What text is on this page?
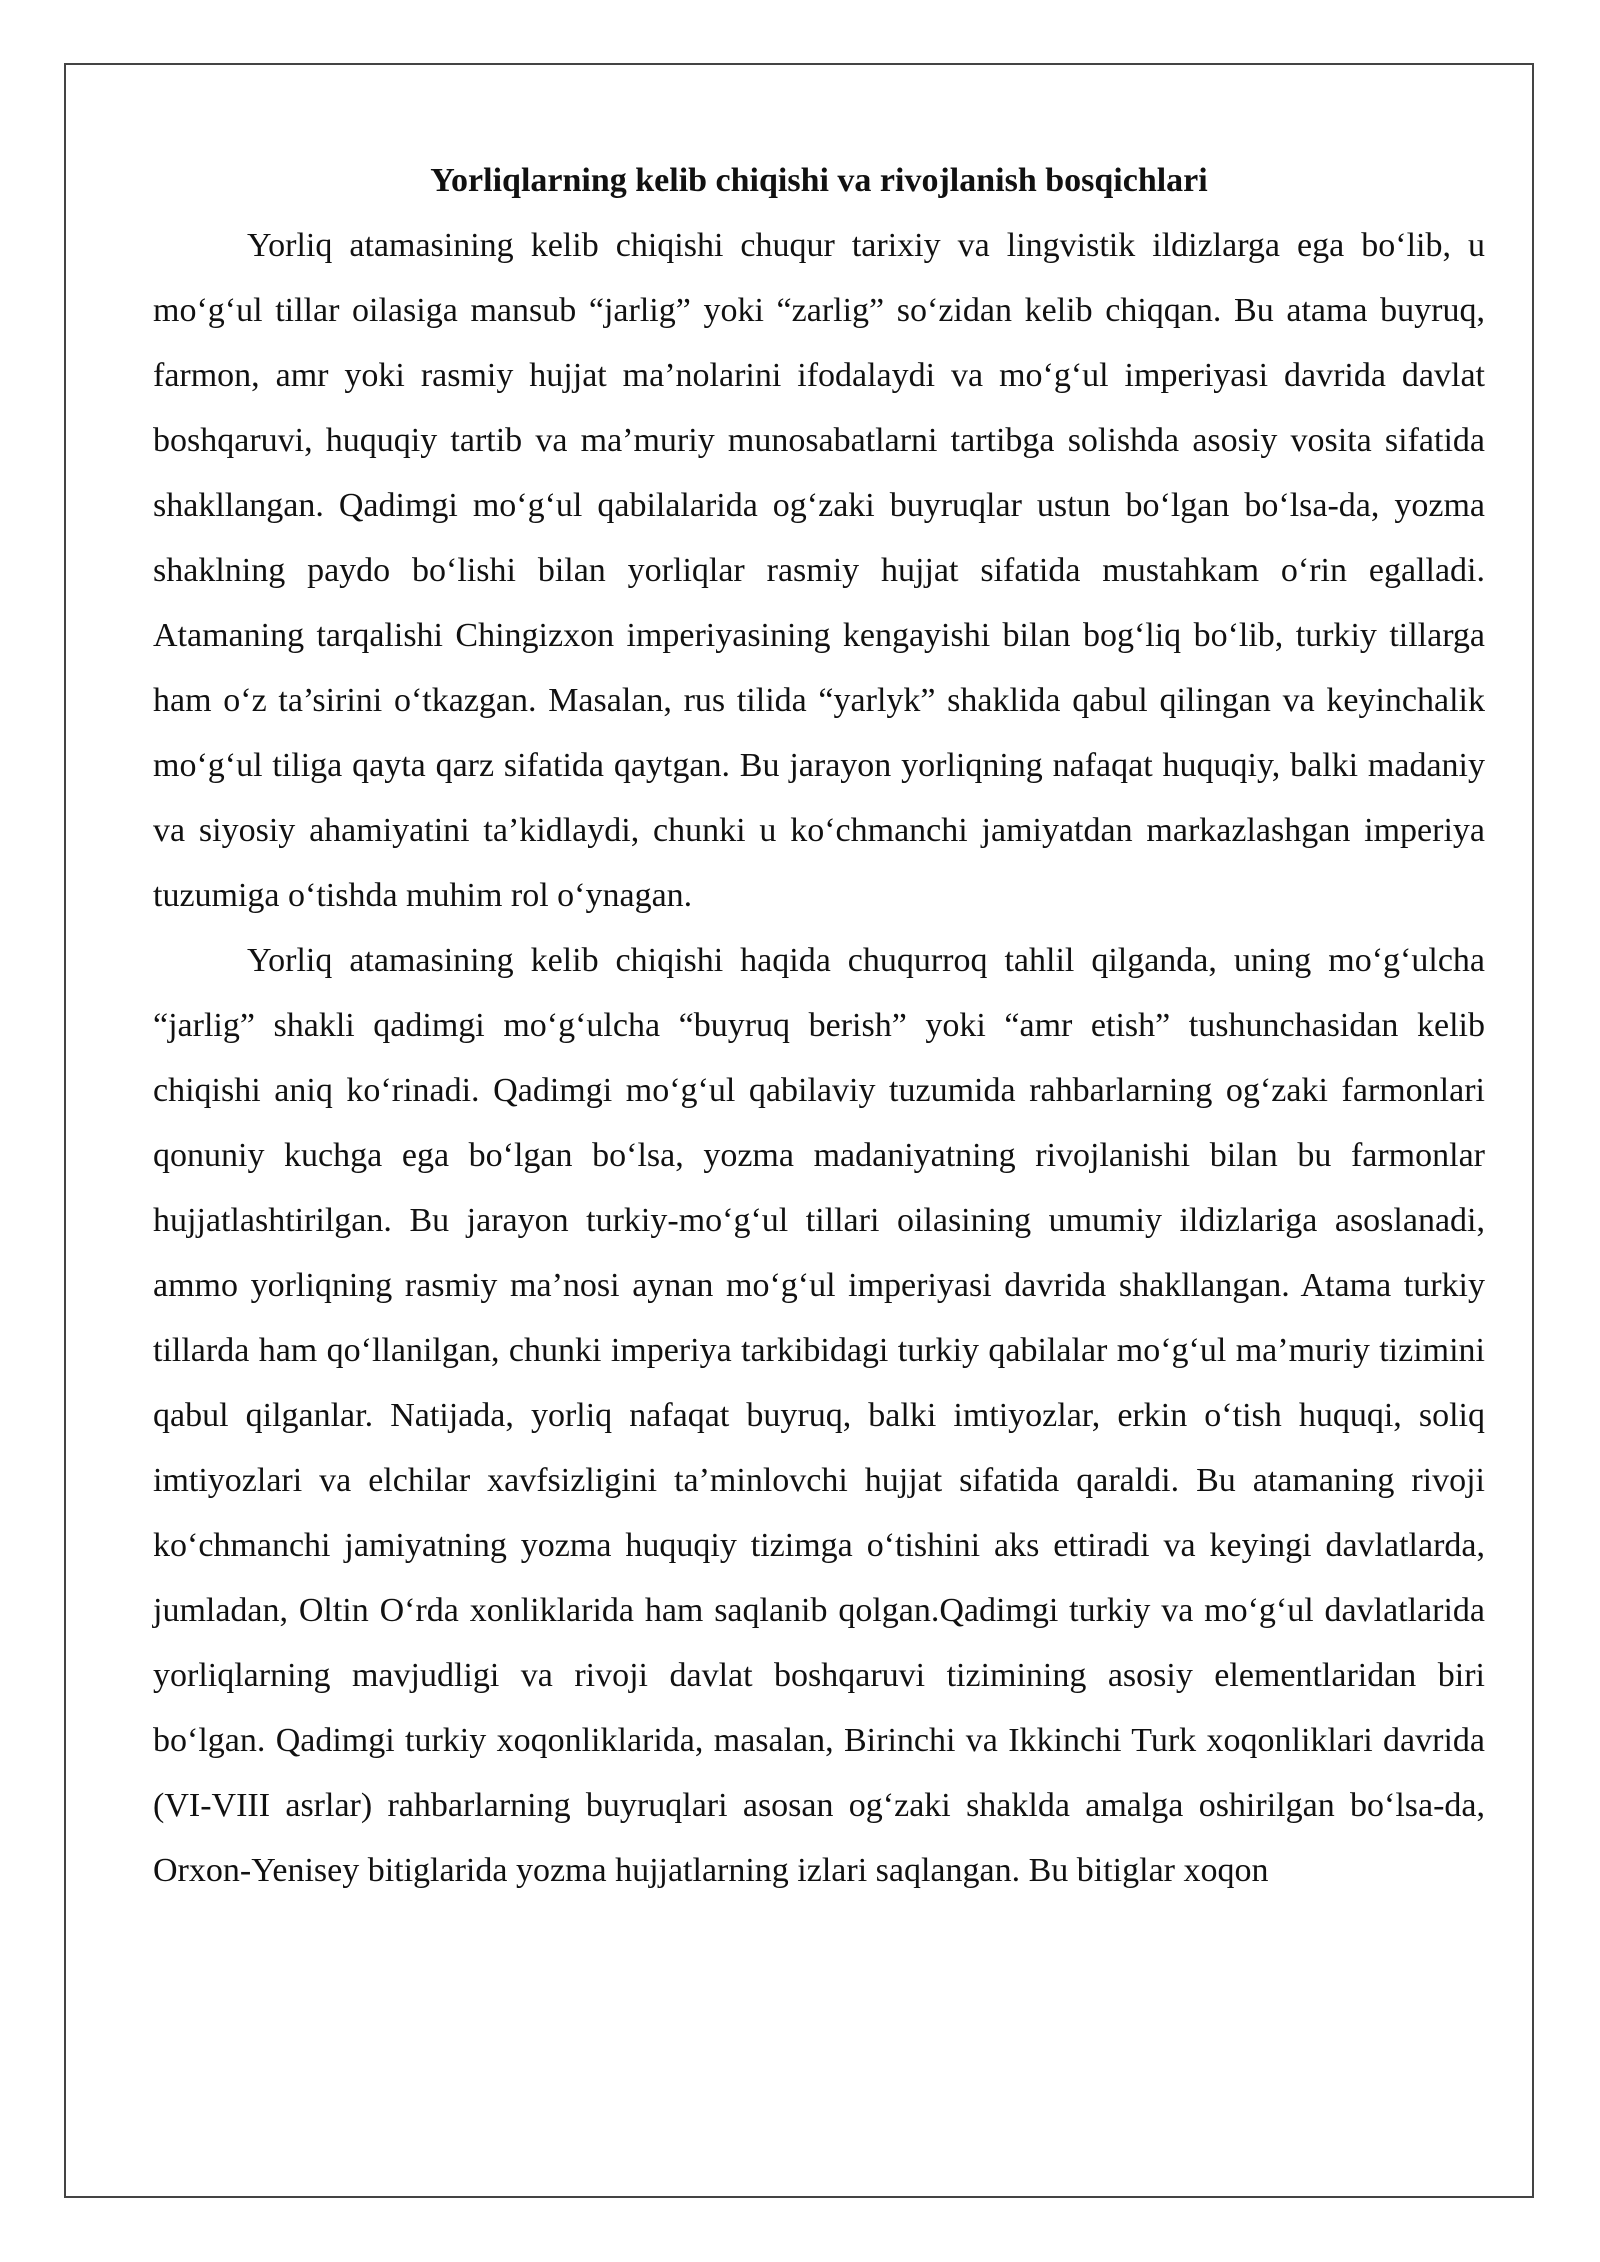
Yorliqlarning kelib chiqishi va rivojlanish bosqichlari

Yorliq atamasining kelib chiqishi chuqur tarixiy va lingvistik ildizlarga ega bo‘lib, u mo‘g‘ul tillar oilasiga mansub “jarlig” yoki “zarlig” so‘zidan kelib chiqqan. Bu atama buyruq, farmon, amr yoki rasmiy hujjat ma’nolarini ifodalaydi va mo‘g‘ul imperiyasi davrida davlat boshqaruvi, huquqiy tartib va ma’muriy munosabatlarni tartibga solishda asosiy vosita sifatida shakllangan. Qadimgi mo‘g‘ul qabilalarida og‘zaki buyruqlar ustun bo‘lgan bo‘lsa-da, yozma shaklning paydo bo‘lishi bilan yorliqlar rasmiy hujjat sifatida mustahkam o‘rin egalladi. Atamaning tarqalishi Chingizxon imperiyasining kengayishi bilan bog‘liq bo‘lib, turkiy tillarga ham o‘z ta’sirini o‘tkazgan. Masalan, rus tilida “yarlyk” shaklida qabul qilingan va keyinchalik mo‘g‘ul tiliga qayta qarz sifatida qaytgan. Bu jarayon yorliqning nafaqat huquqiy, balki madaniy va siyosiy ahamiyatini ta’kidlaydi, chunki u ko‘chmanchi jamiyatdan markazlashgan imperiya tuzumiga o‘tishda muhim rol o‘ynagan.

Yorliq atamasining kelib chiqishi haqida chuqurroq tahlil qilganda, uning mo‘g‘ulcha “jarlig” shakli qadimgi mo‘g‘ulcha “buyruq berish” yoki “amr etish” tushunchasidan kelib chiqishi aniq ko‘rinadi. Qadimgi mo‘g‘ul qabilaviy tuzumida rahbarlarning og‘zaki farmonlari qonuniy kuchga ega bo‘lgan bo‘lsa, yozma madaniyatning rivojlanishi bilan bu farmonlar hujjatlashtirilgan. Bu jarayon turkiy-mo‘g‘ul tillari oilasining umumiy ildizlariga asoslanadi, ammo yorliqning rasmiy ma’nosi aynan mo‘g‘ul imperiyasi davrida shakllangan. Atama turkiy tillarda ham qo‘llanilgan, chunki imperiya tarkibidagi turkiy qabilalar mo‘g‘ul ma’muriy tizimini qabul qilganlar. Natijada, yorliq nafaqat buyruq, balki imtiyozlar, erkin o‘tish huquqi, soliq imtiyozlari va elchilar xavfsizligini ta’minlovchi hujjat sifatida qaraldi. Bu atamaning rivoji ko‘chmanchi jamiyatning yozma huquqiy tizimga o‘tishini aks ettiradi va keyingi davlatlarda, jumladan, Oltin O‘rda xonliklarida ham saqlanib qolgan.Qadimgi turkiy va mo‘g‘ul davlatlarida yorliqlarning mavjudligi va rivoji davlat boshqaruvi tizimining asosiy elementlaridan biri bo‘lgan. Qadimgi turkiy xoqonliklarida, masalan, Birinchi va Ikkinchi Turk xoqonliklari davrida (VI-VIII asrlar) rahbarlarning buyruqlari asosan og‘zaki shaklda amalga oshirilgan bo‘lsa-da, Orxon-Yenisey bitiglarida yozma hujjatlarning izlari saqlangan. Bu bitiglar xoqon
